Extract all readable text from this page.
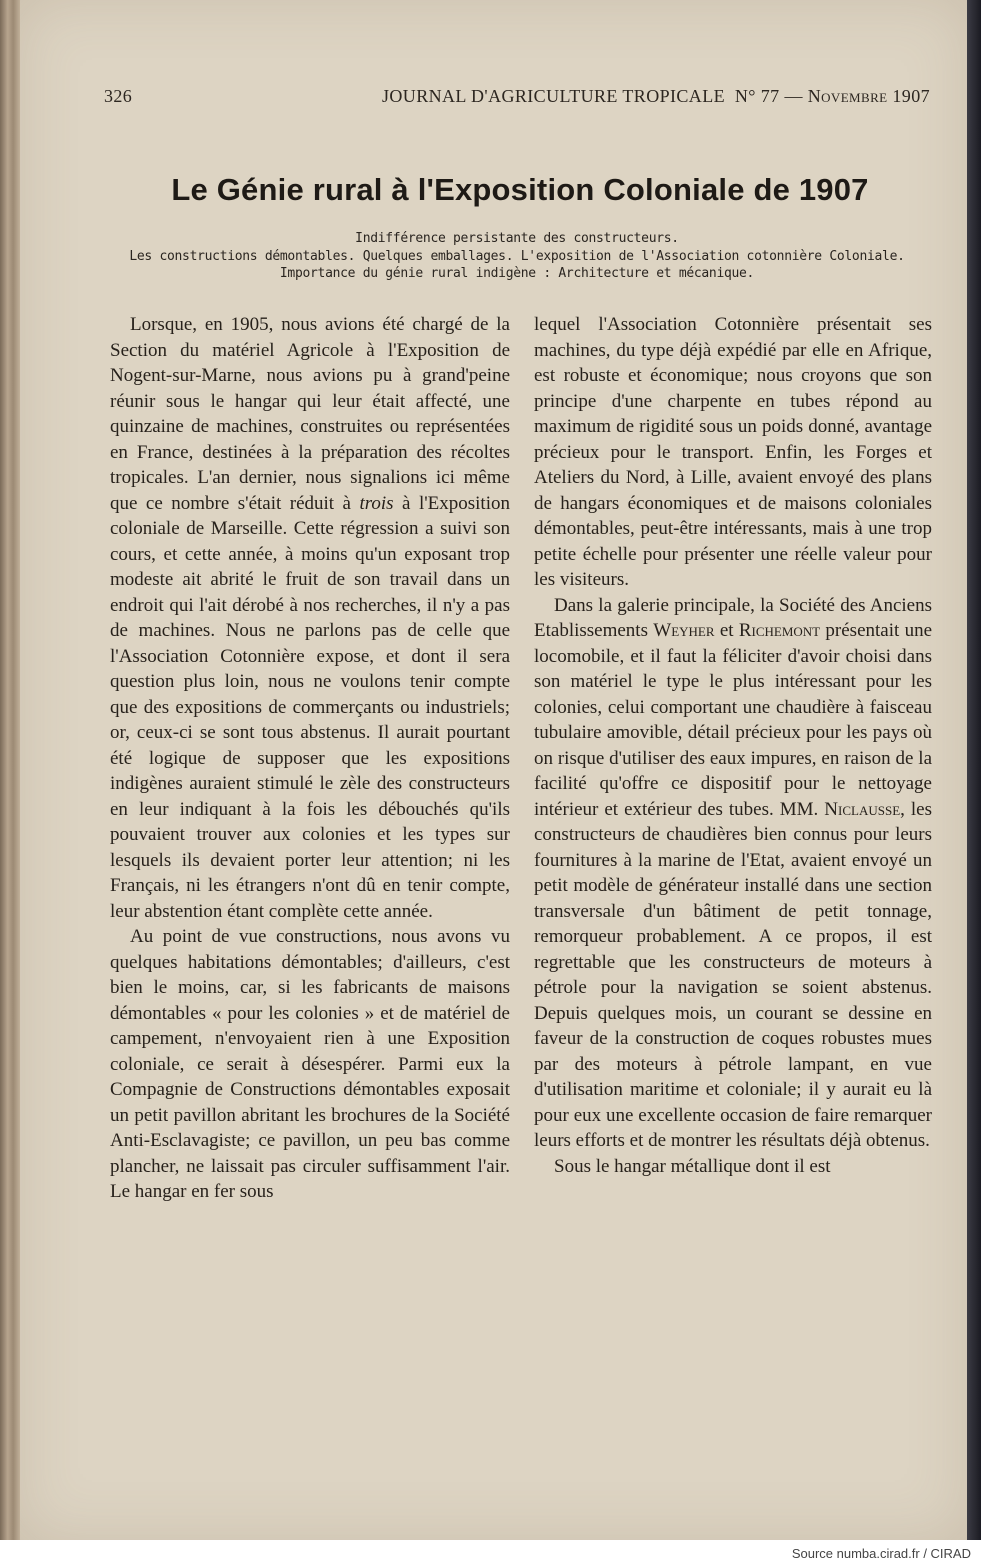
326	JOURNAL D'AGRICULTURE TROPICALE N° 77 — Novembre 1907
Le Génie rural à l'Exposition Coloniale de 1907
Indifférence persistante des constructeurs.
Les constructions démontables. Quelques emballages. L'exposition de l'Association cotonnière Coloniale.
Importance du génie rural indigène : Architecture et mécanique.

Lorsque, en 1905, nous avions été chargé de la Section du matériel Agricole à l'Exposition de Nogent-sur-Marne, nous avions pu à grand'peine réunir sous le hangar qui leur était affecté, une quinzaine de machines, construites ou représentées en France, destinées à la préparation des récoltes tropicales. L'an dernier, nous signalions ici même que ce nombre s'était réduit à trois à l'Exposition coloniale de Marseille. Cette régression a suivi son cours, et cette année, à moins qu'un exposant trop modeste ait abrité le fruit de son travail dans un endroit qui l'ait dérobé à nos recherches, il n'y a pas de machines. Nous ne parlons pas de celle que l'Association Cotonnière expose, et dont il sera question plus loin, nous ne voulons tenir compte que des expositions de commerçants ou industriels; or, ceux-ci se sont tous abstenus. Il aurait pourtant été logique de supposer que les expositions indigènes auraient stimulé le zèle des constructeurs en leur indiquant à la fois les débouchés qu'ils pouvaient trouver aux colonies et les types sur lesquels ils devaient porter leur attention; ni les Français, ni les étrangers n'ont dû en tenir compte, leur abstention étant complète cette année.

Au point de vue constructions, nous avons vu quelques habitations démontables; d'ailleurs, c'est bien le moins, car, si les fabricants de maisons démontables « pour les colonies » et de matériel de campement, n'envoyaient rien à une Exposition coloniale, ce serait à désespérer. Parmi eux la Compagnie de Constructions démontables exposait un petit pavillon abritant les brochures de la Société Anti-Esclavagiste; ce pavillon, un peu bas comme plancher, ne laissait pas circuler suffisamment l'air. Le hangar en fer sous

lequel l'Association Cotonnière présentait ses machines, du type déjà expédié par elle en Afrique, est robuste et économique; nous croyons que son principe d'une charpente en tubes répond au maximum de rigidité sous un poids donné, avantage précieux pour le transport. Enfin, les Forges et Ateliers du Nord, à Lille, avaient envoyé des plans de hangars économiques et de maisons coloniales démontables, peut-être intéressants, mais à une trop petite échelle pour présenter une réelle valeur pour les visiteurs.

Dans la galerie principale, la Société des Anciens Etablissements Weyher et Richemont présentait une locomobile, et il faut la féliciter d'avoir choisi dans son matériel le type le plus intéressant pour les colonies, celui comportant une chaudière à faisceau tubulaire amovible, détail précieux pour les pays où on risque d'utiliser des eaux impures, en raison de la facilité qu'offre ce dispositif pour le nettoyage intérieur et extérieur des tubes. MM. Niclausse, les constructeurs de chaudières bien connus pour leurs fournitures à la marine de l'Etat, avaient envoyé un petit modèle de générateur installé dans une section transversale d'un bâtiment de petit tonnage, remorqueur probablement. A ce propos, il est regrettable que les constructeurs de moteurs à pétrole pour la navigation se soient abstenus. Depuis quelques mois, un courant se dessine en faveur de la construction de coques robustes mues par des moteurs à pétrole lampant, en vue d'utilisation maritime et coloniale; il y aurait eu là pour eux une excellente occasion de faire remarquer leurs efforts et de montrer les résultats déjà obtenus.

Sous le hangar métallique dont il est

Source numba.cirad.fr / CIRAD
